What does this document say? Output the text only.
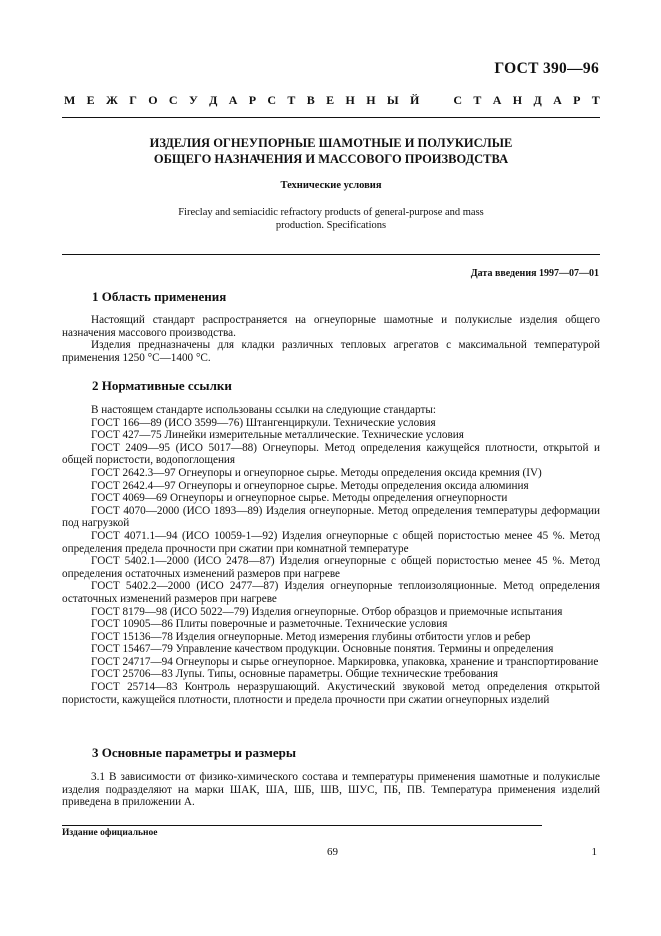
ГОСТ 390—96
М Е Ж Г О С У Д А Р С Т В Е Н Н Ы Й	С Т А Н Д А Р Т
ИЗДЕЛИЯ ОГНЕУПОРНЫЕ ШАМОТНЫЕ И ПОЛУКИСЛЫЕ
ОБЩЕГО НАЗНАЧЕНИЯ И МАССОВОГО ПРОИЗВОДСТВА
Технические условия
Fireclay and semiacidic refractory products of general-purpose and mass
production. Specifications
Дата введения 1997—07—01
1 Область применения

Настоящий стандарт распространяется на огнеупорные шамотные и полукислые изделия общего назначения массового производства.

Изделия предназначены для кладки различных тепловых агрегатов с максимальной температурой применения 1250 °С—1400 °С.

2 Нормативные ссылки

В настоящем стандарте использованы ссылки на следующие стандарты:

ГОСТ 166—89 (ИСО 3599—76) Штангенциркули. Технические условия

ГОСТ 427—75 Линейки измерительные металлические. Технические условия

ГОСТ 2409—95 (ИСО 5017—88) Огнеупоры. Метод определения кажущейся плотности, открытой и общей пористости, водопоглощения

ГОСТ 2642.3—97 Огнеупоры и огнеупорное сырье. Методы определения оксида кремния (IV)

ГОСТ 2642.4—97 Огнеупоры и огнеупорное сырье. Методы определения оксида алюминия

ГОСТ 4069—69 Огнеупоры и огнеупорное сырье. Методы определения огнеупорности

ГОСТ 4070—2000 (ИСО 1893—89) Изделия огнеупорные. Метод определения температуры деформации под нагрузкой

ГОСТ 4071.1—94 (ИСО 10059-1—92) Изделия огнеупорные с общей пористостью менее 45 %. Метод определения предела прочности при сжатии при комнатной температуре

ГОСТ 5402.1—2000 (ИСО 2478—87) Изделия огнеупорные с общей пористостью менее 45 %. Метод определения остаточных изменений размеров при нагреве

ГОСТ 5402.2—2000 (ИСО 2477—87) Изделия огнеупорные теплоизоляционные. Метод определения остаточных изменений размеров при нагреве

ГОСТ 8179—98 (ИСО 5022—79) Изделия огнеупорные. Отбор образцов и приемочные испытания

ГОСТ 10905—86 Плиты поверочные и разметочные. Технические условия

ГОСТ 15136—78 Изделия огнеупорные. Метод измерения глубины отбитости углов и ребер

ГОСТ 15467—79 Управление качеством продукции. Основные понятия. Термины и определения

ГОСТ 24717—94 Огнеупоры и сырье огнеупорное. Маркировка, упаковка, хранение и транспортирование

ГОСТ 25706—83 Лупы. Типы, основные параметры. Общие технические требования

ГОСТ 25714—83 Контроль неразрушающий. Акустический звуковой метод определения открытой пористости, кажущейся плотности, плотности и предела прочности при сжатии огнеупорных изделий

3 Основные параметры и размеры

3.1 В зависимости от физико-химического состава и температуры применения шамотные и полукислые изделия подразделяют на марки ШАК, ША, ШБ, ШВ, ШУС, ПБ, ПВ. Температура применения изделий приведена в приложении А.

Издание официальное
69	1
